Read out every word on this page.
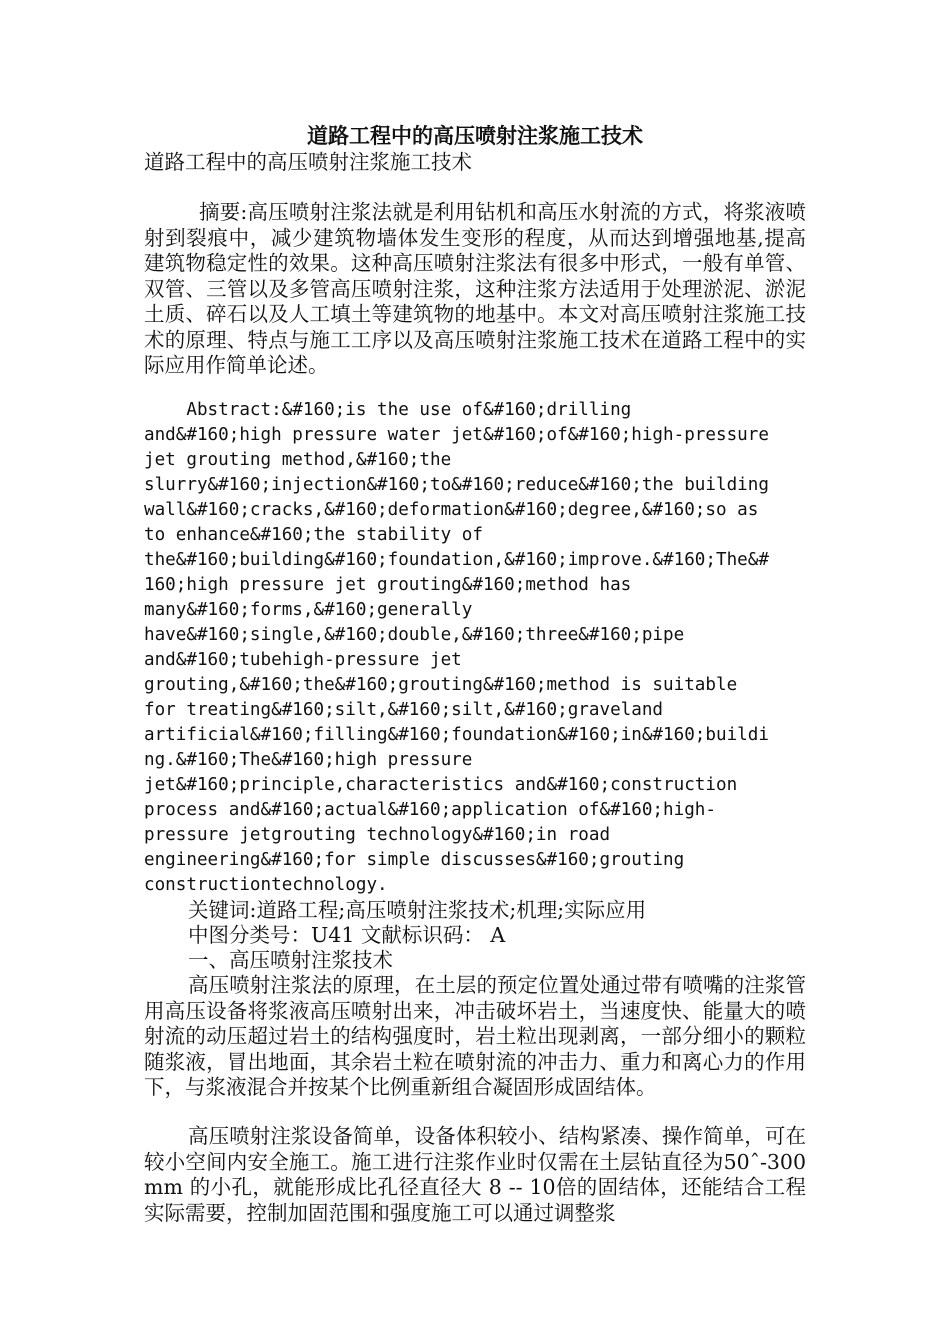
道路工程中的高压喷射注浆施工技术
道路工程中的高压喷射注浆施工技术

摘要:高压喷射注浆法就是利用钻机和高压水射流的方式，将浆液喷射到裂痕中，减少建筑物墙体发生变形的程度，从而达到增强地基,提高建筑物稳定性的效果。这种高压喷射注浆法有很多中形式，一般有单管、双管、三管以及多管高压喷射注浆，这种注浆方法适用于处理淤泥、淤泥土质、碎石以及人工填土等建筑物的地基中。本文对高压喷射注浆施工技术的原理、特点与施工工序以及高压喷射注浆施工技术在道路工程中的实际应用作简单论述。

Abstract:&#160;is the use of&#160;drilling
and&#160;high pressure water jet&#160;of&#160;high-pressure
jet grouting method,&#160;the
slurry&#160;injection&#160;to&#160;reduce&#160;the building
wall&#160;cracks,&#160;deformation&#160;degree,&#160;so as
to enhance&#160;the stability of
the&#160;building&#160;foundation,&#160;improve.&#160;The&#
160;high pressure jet grouting&#160;method has
many&#160;forms,&#160;generally
have&#160;single,&#160;double,&#160;three&#160;pipe
and&#160;tubehigh-pressure jet
grouting,&#160;the&#160;grouting&#160;method is suitable
for treating&#160;silt,&#160;silt,&#160;graveland
artificial&#160;filling&#160;foundation&#160;in&#160;buildi
ng.&#160;The&#160;high pressure
jet&#160;principle,characteristics and&#160;construction
process and&#160;actual&#160;application of&#160;high-
pressure jetgrouting technology&#160;in road
engineering&#160;for simple discusses&#160;grouting
constructiontechnology.

关键词:道路工程;高压喷射注浆技术;机理;实际应用

中图分类号：U41 文献标识码： A

一、高压喷射注浆技术

高压喷射注浆法的原理，在土层的预定位置处通过带有喷嘴的注浆管用高压设备将浆液高压喷射出来，冲击破坏岩土，当速度快、能量大的喷射流的动压超过岩土的结构强度时，岩土粒出现剥离，一部分细小的颗粒随浆液，冒出地面，其余岩土粒在喷射流的冲击力、重力和离心力的作用下，与浆液混合并按某个比例重新组合凝固形成固结体。

高压喷射注浆设备简单，设备体积较小、结构紧凑、操作简单，可在较小空间内安全施工。施工进行注浆作业时仅需在土层钻直径为50ˆ-300mm 的小孔，就能形成比孔径直径大 8 -- 10倍的固结体，还能结合工程实际需要，控制加固范围和强度施工可以通过调整浆
